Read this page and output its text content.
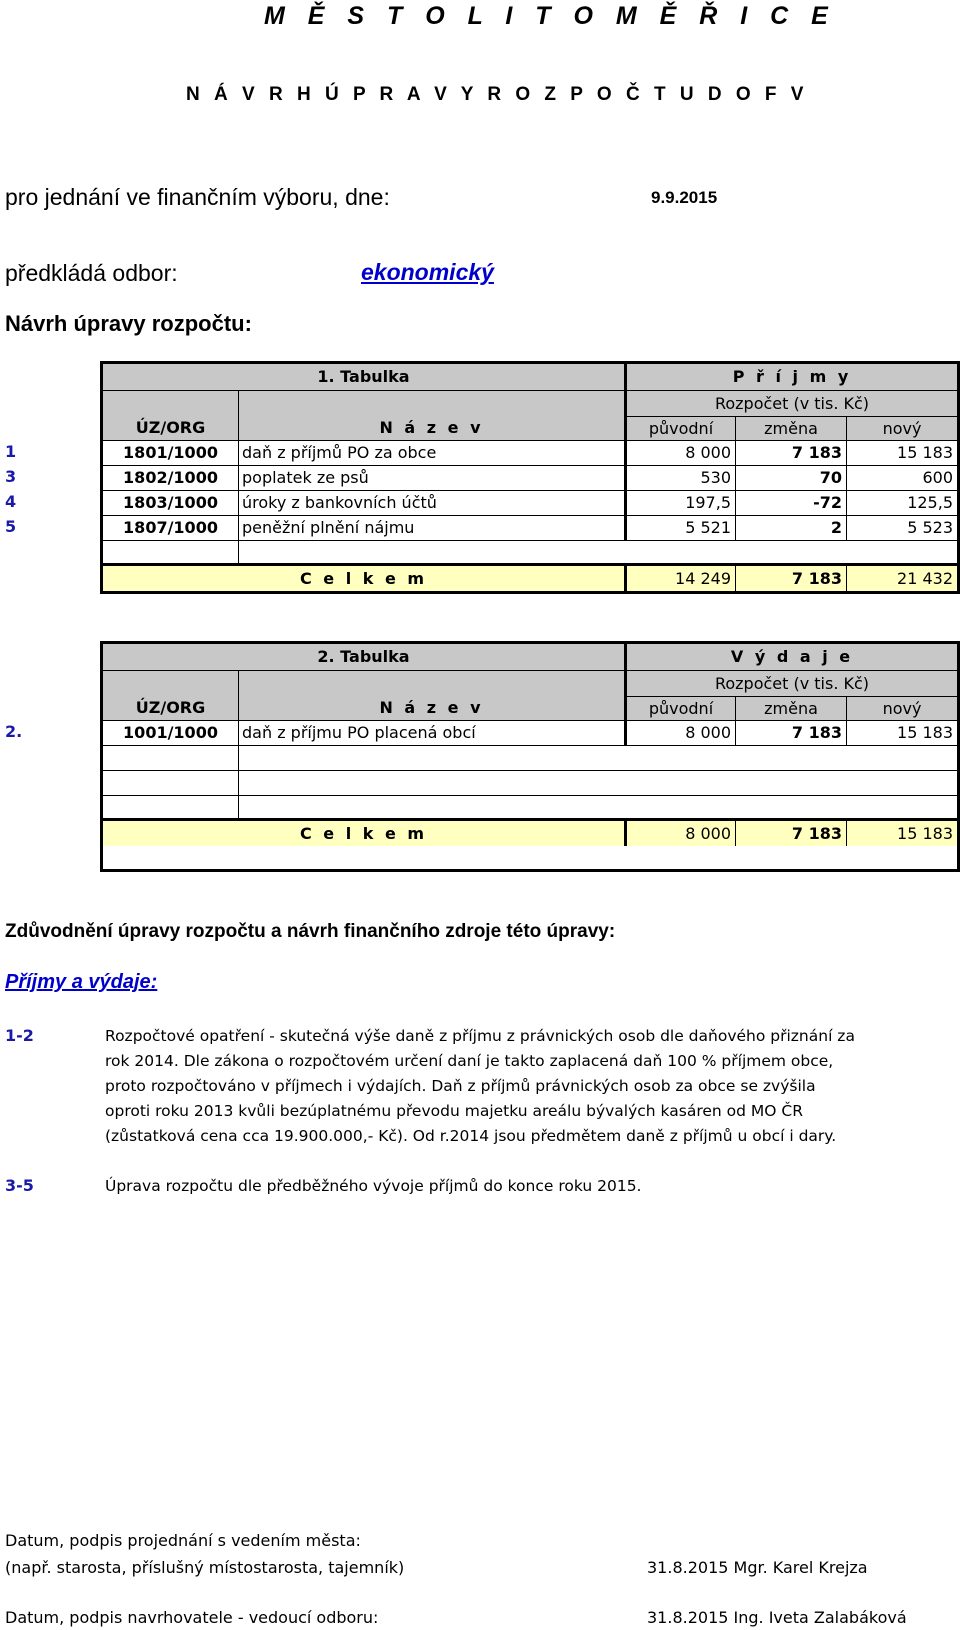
M Ě S T O L I T O M Ě Ř I C E
N Á V R H Ú P R A V Y R O Z P O Č T U D O F V
pro jednání ve finančním výboru, dne:	9.9.2015
předkládá odbor:	ekonomický
Návrh úpravy rozpočtu:
1
3
4
5
1. Tabulka	P ř í j m y
ÚZ/ORG	N á z e v
Rozpočet (v tis. Kč)
původní	změna	nový
1801/1000	daň z příjmů PO za obce	8 000	7 183	15 183
1802/1000	poplatek ze psů	530	70	600
1803/1000	úroky z bankovních účtů	197,5	-72	125,5
1807/1000	peněžní plnění nájmu	5 521	2	5 523
C e l k e m	14 249	7 183	21 432
2.
2. Tabulka	V ý d a j e
ÚZ/ORG	N á z e v
Rozpočet (v tis. Kč)
původní	změna	nový
1001/1000	daň z příjmu PO placená obcí	8 000	7 183	15 183
C e l k e m	8 000	7 183	15 183
Zdůvodnění úpravy rozpočtu a návrh finančního zdroje této úpravy:
Příjmy a výdaje:
1-2	Rozpočtové opatření - skutečná výše daně z příjmu z právnických osob dle daňového přiznání za
rok 2014. Dle zákona o rozpočtovém určení daní je takto zaplacená daň 100 % příjmem obce,
proto rozpočtováno v příjmech i výdajích. Daň z příjmů právnických osob za obce se zvýšila
oproti roku 2013 kvůli bezúplatnému převodu majetku areálu bývalých kasáren od MO ČR
(zůstatková cena cca 19.900.000,- Kč). Od r.2014 jsou předmětem daně z příjmů u obcí i dary.
3-5	Úprava rozpočtu dle předběžného vývoje příjmů do konce roku 2015.
Datum, podpis projednání s vedením města:
(např. starosta, příslušný místostarosta, tajemník)	31.8.2015 Mgr. Karel Krejza
Datum, podpis navrhovatele - vedoucí odboru:	31.8.2015 Ing. Iveta Zalabáková
